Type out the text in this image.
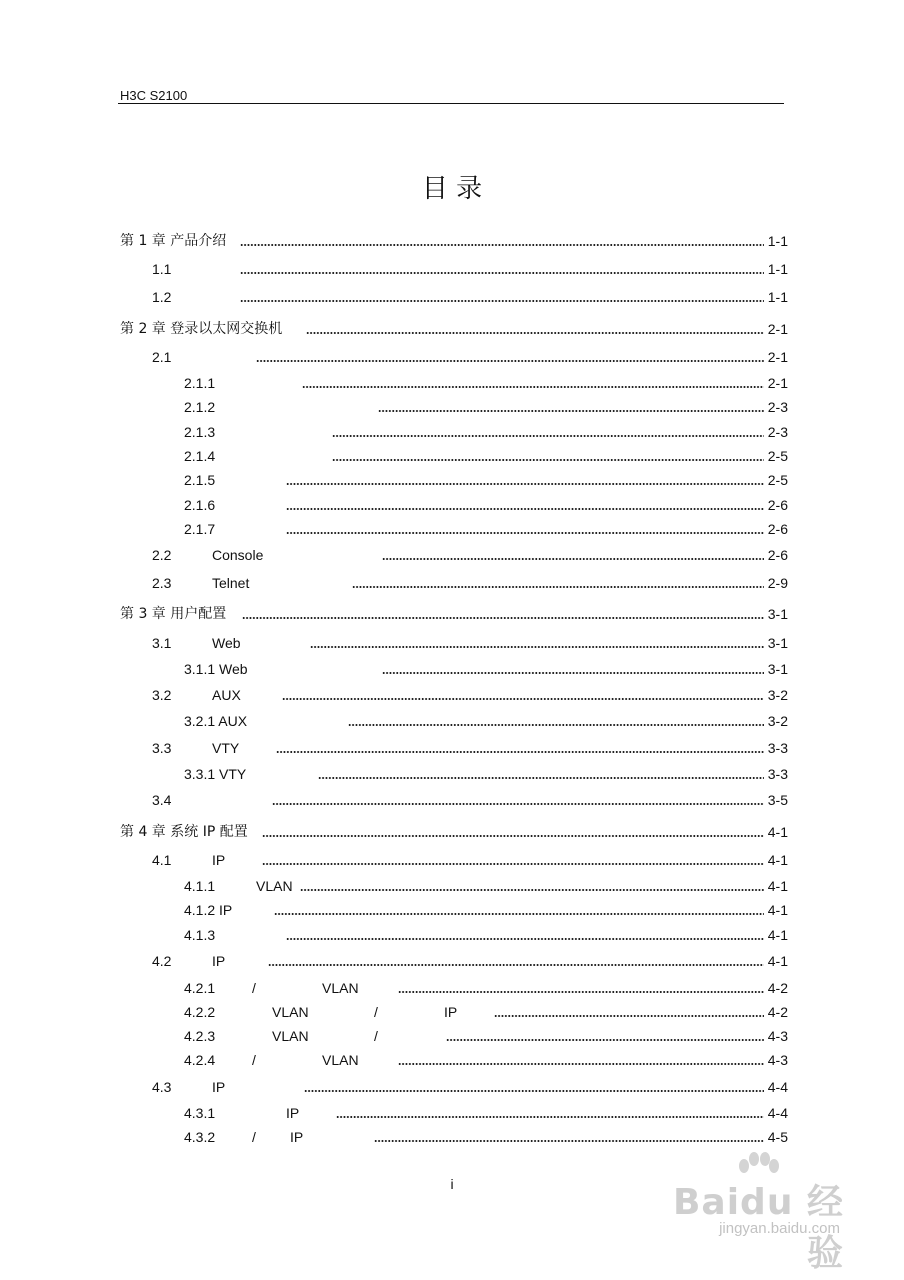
H3C S2100
目 录
第 1 章 产品介绍	1-1
1.1	1-1
1.2	1-1
第 2 章 登录以太网交换机	2-1
2.1	2-1
2.1.1	2-1
2.1.2	2-3
2.1.3	2-3
2.1.4	2-5
2.1.5	2-5
2.1.6	2-6
2.1.7	2-6
2.2	Console	2-6
2.3	Telnet	2-9
第 3 章 用户配置	3-1
3.1	Web	3-1
3.1.1 Web	3-1
3.2	AUX	3-2
3.2.1 AUX	3-2
3.3	VTY	3-3
3.3.1 VTY	3-3
3.4	3-5
第 4 章 系统 IP 配置	4-1
4.1	IP	4-1
4.1.1	VLAN	4-1
4.1.2 IP	4-1
4.1.3	4-1
4.2	IP	4-1
4.2.1	/	VLAN	4-2
4.2.2	VLAN	/	IP	4-2
4.2.3	VLAN	/	4-3
4.2.4	/	VLAN	4-3
4.3	IP	4-4
4.3.1	IP	4-4
4.3.2	/ IP	4-5
i	Baidu 经验
jingyan.baidu.com
